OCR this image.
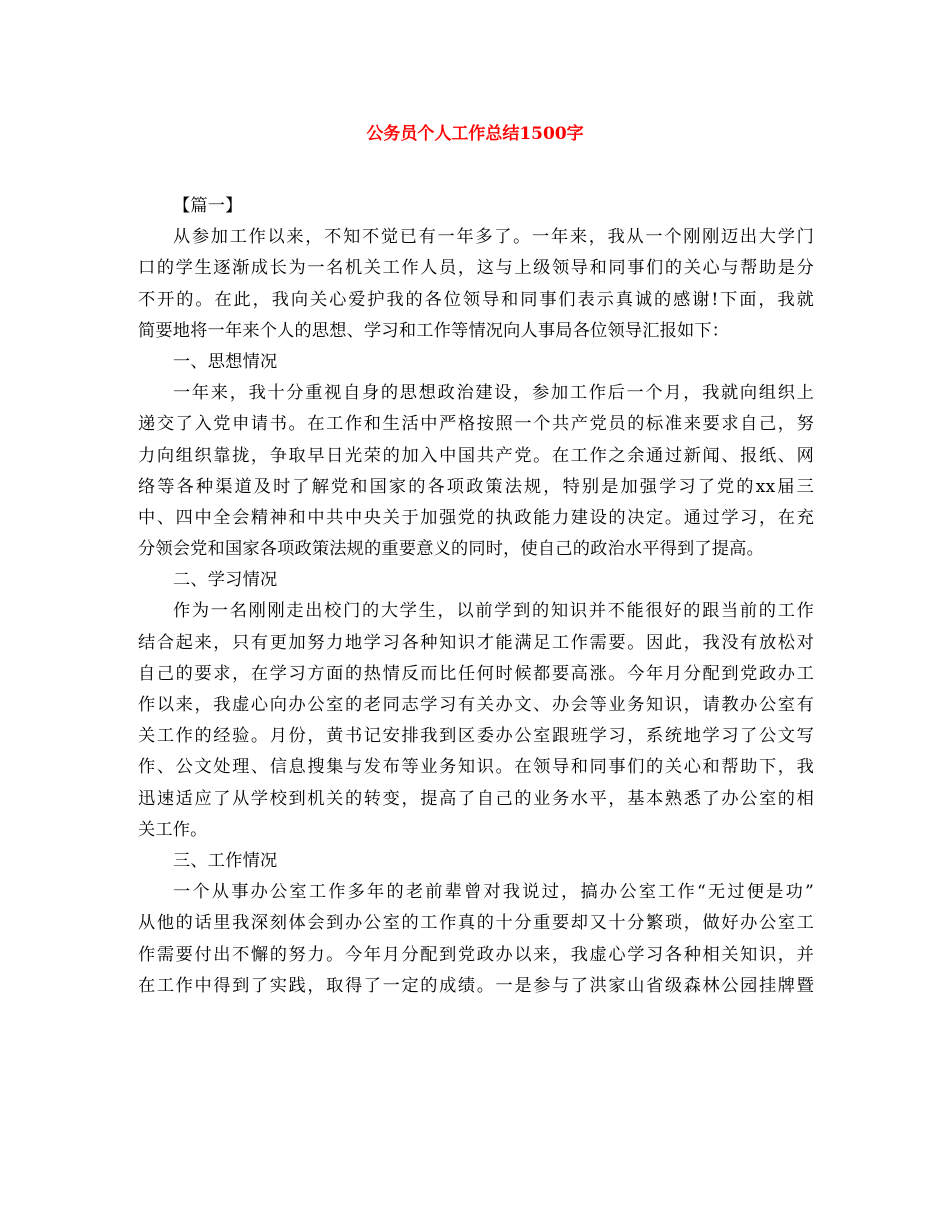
公务员个人工作总结1500字

【篇一】

从参加工作以来，不知不觉已有一年多了。一年来，我从一个刚刚迈出大学门

口的学生逐渐成长为一名机关工作人员，这与上级领导和同事们的关心与帮助是分

不开的。在此，我向关心爱护我的各位领导和同事们表示真诚的感谢!下面，我就

简要地将一年来个人的思想、学习和工作等情况向人事局各位领导汇报如下：

一、思想情况

一年来，我十分重视自身的思想政治建设，参加工作后一个月，我就向组织上

递交了入党申请书。在工作和生活中严格按照一个共产党员的标准来要求自己，努

力向组织靠拢，争取早日光荣的加入中国共产党。在工作之余通过新闻、报纸、网

络等各种渠道及时了解党和国家的各项政策法规，特别是加强学习了党的xx届三

中、四中全会精神和中共中央关于加强党的执政能力建设的决定。通过学习，在充

分领会党和国家各项政策法规的重要意义的同时，使自己的政治水平得到了提高。

二、学习情况

作为一名刚刚走出校门的大学生，以前学到的知识并不能很好的跟当前的工作

结合起来，只有更加努力地学习各种知识才能满足工作需要。因此，我没有放松对

自己的要求，在学习方面的热情反而比任何时候都要高涨。今年月分配到党政办工

作以来，我虚心向办公室的老同志学习有关办文、办会等业务知识，请教办公室有

关工作的经验。月份，黄书记安排我到区委办公室跟班学习，系统地学习了公文写

作、公文处理、信息搜集与发布等业务知识。在领导和同事们的关心和帮助下，我

迅速适应了从学校到机关的转变，提高了自己的业务水平，基本熟悉了办公室的相

关工作。

三、工作情况

一个从事办公室工作多年的老前辈曾对我说过，搞办公室工作“无过便是功”

从他的话里我深刻体会到办公室的工作真的十分重要却又十分繁琐，做好办公室工

作需要付出不懈的努力。今年月分配到党政办以来，我虚心学习各种相关知识，并

在工作中得到了实践，取得了一定的成绩。一是参与了洪家山省级森林公园挂牌暨
